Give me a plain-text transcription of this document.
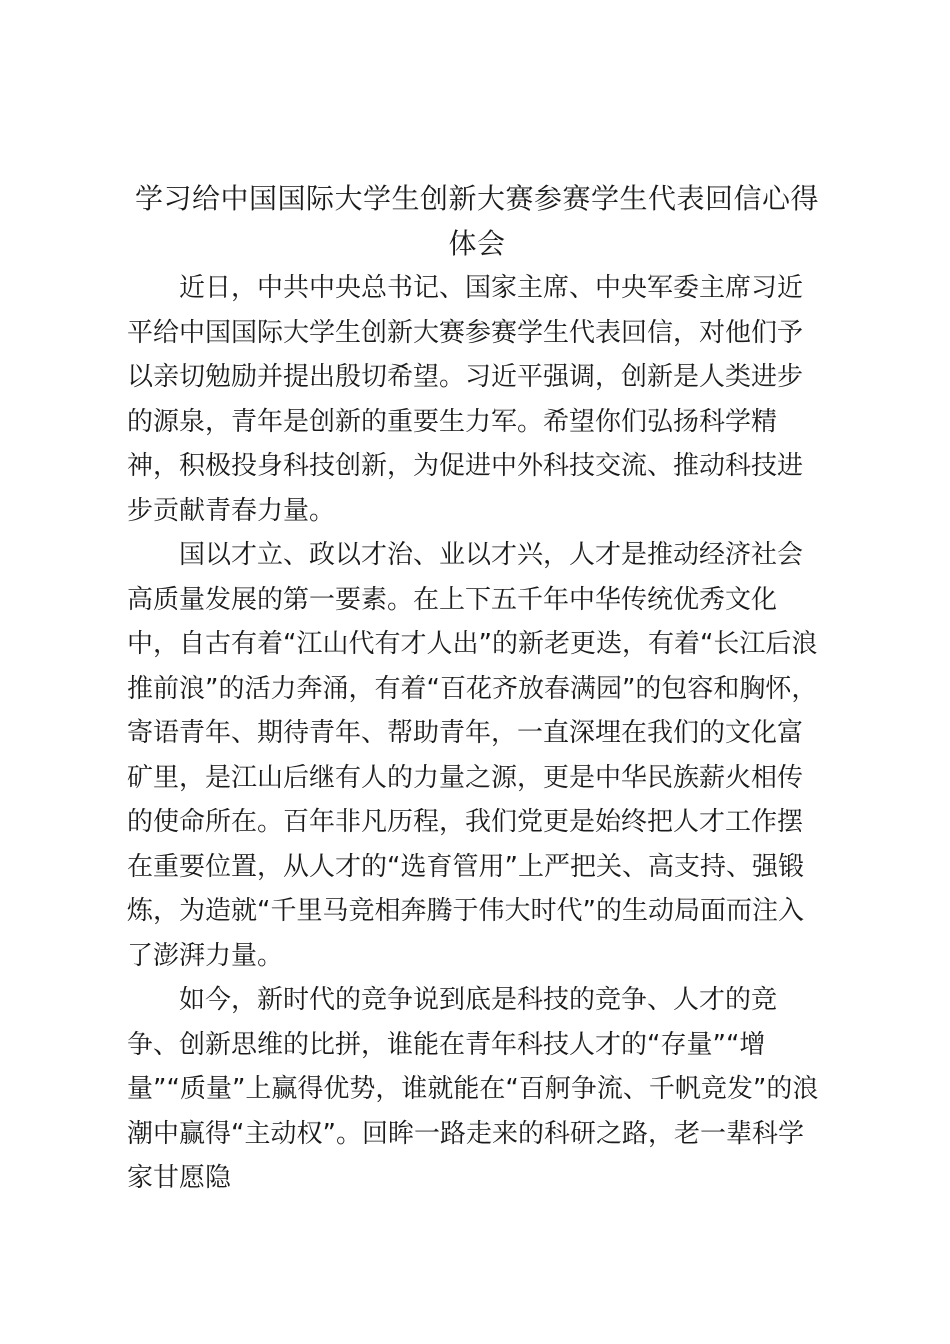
学习给中国国际大学生创新大赛参赛学生代表回信心得体会

近日，中共中央总书记、国家主席、中央军委主席习近平给中国国际大学生创新大赛参赛学生代表回信，对他们予以亲切勉励并提出殷切希望。习近平强调，创新是人类进步的源泉，青年是创新的重要生力军。希望你们弘扬科学精神，积极投身科技创新，为促进中外科技交流、推动科技进步贡献青春力量。

国以才立、政以才治、业以才兴，人才是推动经济社会高质量发展的第一要素。在上下五千年中华传统优秀文化中，自古有着“江山代有才人出”的新老更迭，有着“长江后浪推前浪”的活力奔涌，有着“百花齐放春满园”的包容和胸怀，寄语青年、期待青年、帮助青年，一直深埋在我们的文化富矿里，是江山后继有人的力量之源，更是中华民族薪火相传的使命所在。百年非凡历程，我们党更是始终把人才工作摆在重要位置，从人才的“选育管用”上严把关、高支持、强锻炼，为造就“千里马竞相奔腾于伟大时代”的生动局面而注入了澎湃力量。

如今，新时代的竞争说到底是科技的竞争、人才的竞争、创新思维的比拼，谁能在青年科技人才的“存量”“增量”“质量”上赢得优势，谁就能在“百舸争流、千帆竞发”的浪潮中赢得“主动权”。回眸一路走来的科研之路，老一辈科学家甘愿隐
